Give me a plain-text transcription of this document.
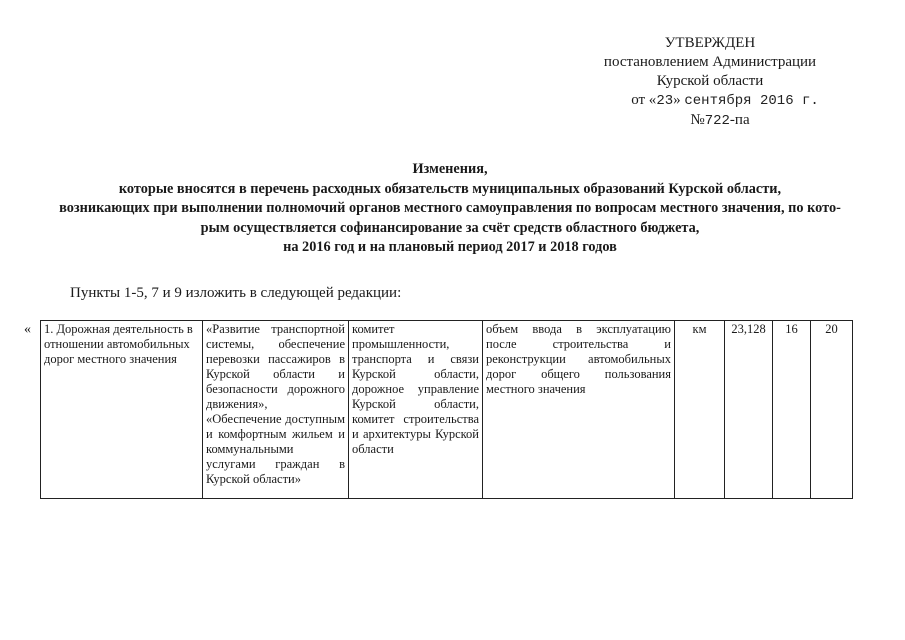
УТВЕРЖДЕН
постановлением Администрации
Курской области
от «23» сентября 2016 г.
№722-па
Изменения,
которые вносятся в перечень расходных обязательств муниципальных образований Курской области,
возникающих при выполнении полномочий органов местного самоуправления по вопросам местного значения, по кото-
рым осуществляется софинансирование за счёт средств областного бюджета,
на 2016 год и на плановый период 2017 и 2018 годов
Пункты 1-5, 7 и 9 изложить в следующей редакции:
« 1. Дорожная деятельность в отношении автомобильных дорог местного значения	«Развитие транспортной системы, обеспечение перевозки пассажиров в Курской области и безопасности дорожного движения», «Обеспечение доступным и комфортным жильем и коммунальными услугами граждан в Курской области»	комитет промышленности, транспорта и связи Курской области, дорожное управление Курской области, комитет строительства и архитектуры Курской области	объем ввода в эксплуатацию после строительства и реконструкции автомобильных дорог общего пользования местного значения	км	23,128	16	20
